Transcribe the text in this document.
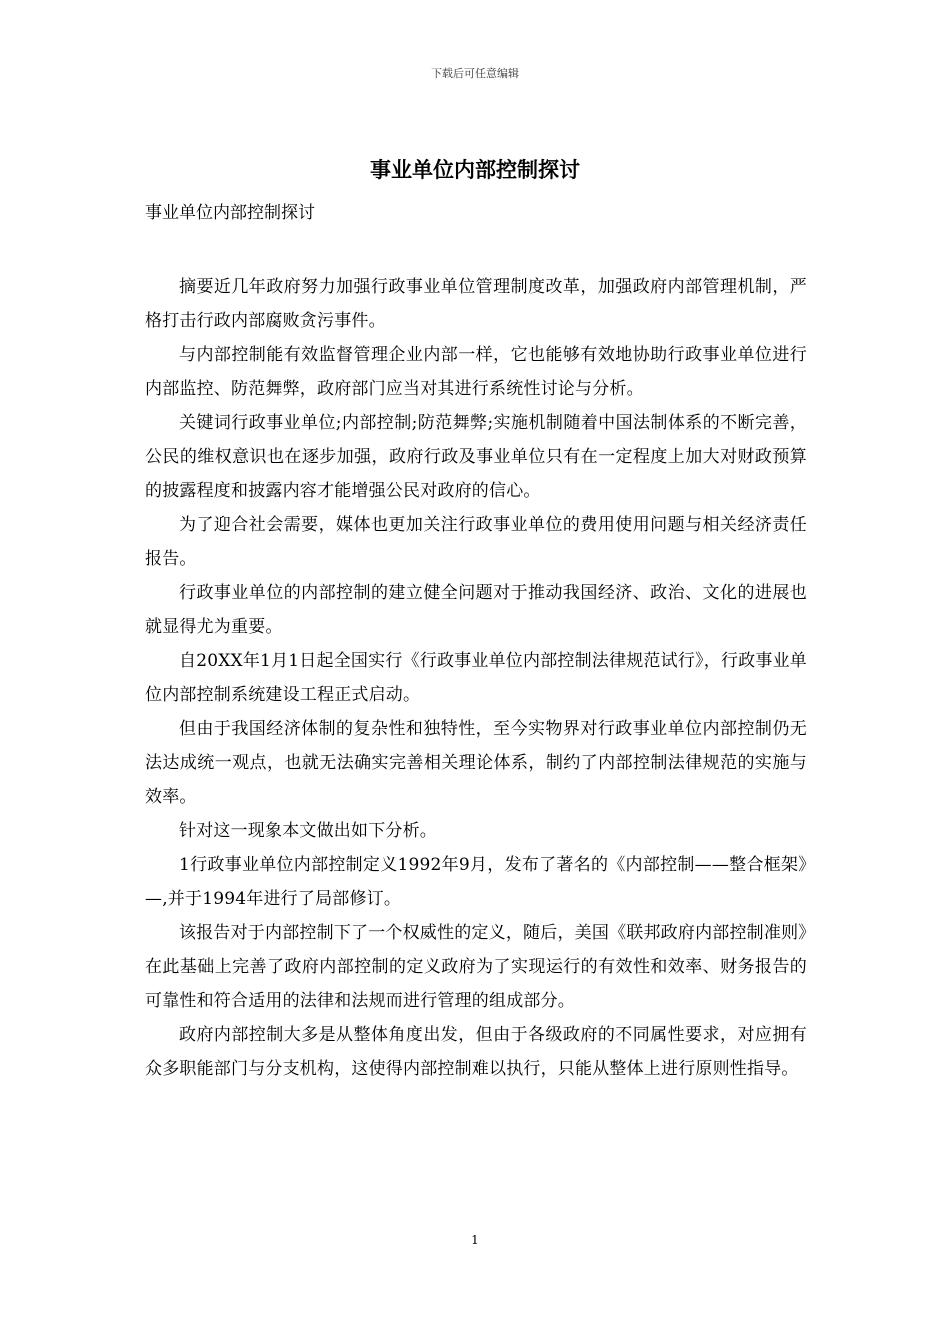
下载后可任意编辑
事业单位内部控制探讨

事业单位内部控制探讨

摘要近几年政府努力加强行政事业单位管理制度改革，加强政府内部管理机制，严格打击行政内部腐败贪污事件。

与内部控制能有效监督管理企业内部一样，它也能够有效地协助行政事业单位进行内部监控、防范舞弊，政府部门应当对其进行系统性讨论与分析。

关键词行政事业单位;内部控制;防范舞弊;实施机制随着中国法制体系的不断完善，公民的维权意识也在逐步加强，政府行政及事业单位只有在一定程度上加大对财政预算的披露程度和披露内容才能增强公民对政府的信心。

为了迎合社会需要，媒体也更加关注行政事业单位的费用使用问题与相关经济责任报告。

行政事业单位的内部控制的建立健全问题对于推动我国经济、政治、文化的进展也就显得尤为重要。

自20XX年1月1日起全国实行《行政事业单位内部控制法律规范试行》，行政事业单位内部控制系统建设工程正式启动。

但由于我国经济体制的复杂性和独特性，至今实物界对行政事业单位内部控制仍无法达成统一观点，也就无法确实完善相关理论体系，制约了内部控制法律规范的实施与效率。

针对这一现象本文做出如下分析。

1行政事业单位内部控制定义1992年9月，发布了著名的《内部控制——整合框架》—,并于1994年进行了局部修订。

该报告对于内部控制下了一个权威性的定义，随后，美国《联邦政府内部控制准则》在此基础上完善了政府内部控制的定义政府为了实现运行的有效性和效率、财务报告的可靠性和符合适用的法律和法规而进行管理的组成部分。

政府内部控制大多是从整体角度出发，但由于各级政府的不同属性要求，对应拥有众多职能部门与分支机构，这使得内部控制难以执行，只能从整体上进行原则性指导。

1
